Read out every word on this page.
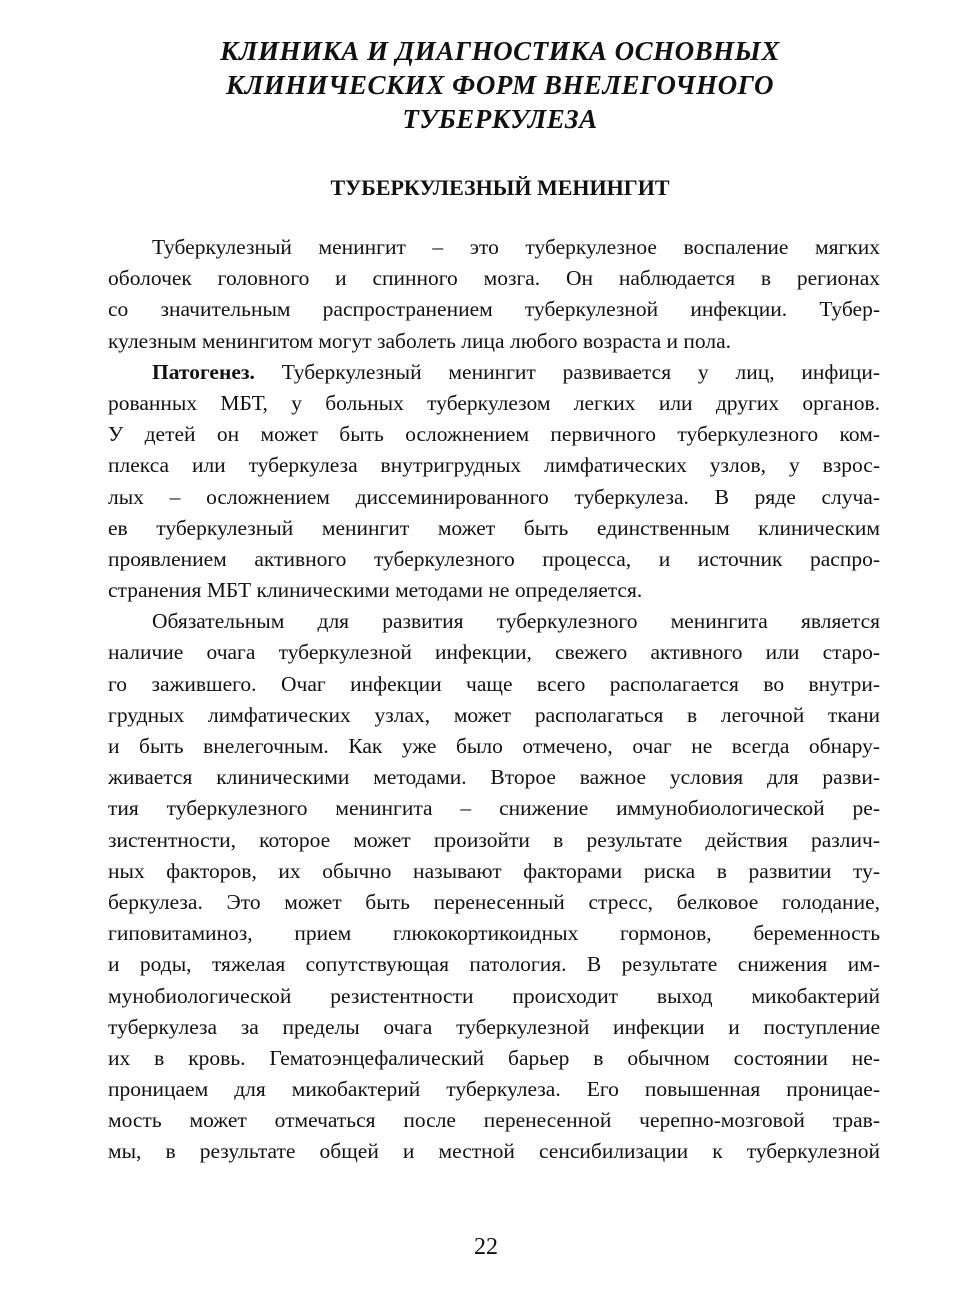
КЛИНИКА И ДИАГНОСТИКА ОСНОВНЫХ
КЛИНИЧЕСКИХ ФОРМ ВНЕЛЕГОЧНОГО
ТУБЕРКУЛЕЗА
ТУБЕРКУЛЕЗНЫЙ МЕНИНГИТ
Туберкулезный менингит – это туберкулезное воспаление мягких
оболочек головного и спинного мозга. Он наблюдается в регионах
со значительным распространением туберкулезной инфекции. Тубер-
кулезным менингитом могут заболеть лица любого возраста и пола.
Патогенез. Туберкулезный менингит развивается у лиц, инфици-
рованных МБТ, у больных туберкулезом легких или других органов.
У детей он может быть осложнением первичного туберкулезного ком-
плекса или туберкулеза внутригрудных лимфатических узлов, у взрос-
лых – осложнением диссеминированного туберкулеза. В ряде случа-
ев туберкулезный менингит может быть единственным клиническим
проявлением активного туберкулезного процесса, и источник распро-
странения МБТ клиническими методами не определяется.
Обязательным для развития туберкулезного менингита является
наличие очага туберкулезной инфекции, свежего активного или старо-
го зажившего. Очаг инфекции чаще всего располагается во внутри-
грудных лимфатических узлах, может располагаться в легочной ткани
и быть внелегочным. Как уже было отмечено, очаг не всегда обнару-
живается клиническими методами. Второе важное условия для разви-
тия туберкулезного менингита – снижение иммунобиологической ре-
зистентности, которое может произойти в результате действия различ-
ных факторов, их обычно называют факторами риска в развитии ту-
беркулеза. Это может быть перенесенный стресс, белковое голодание,
гиповитаминоз, прием глюкокортикоидных гормонов, беременность
и роды, тяжелая сопутствующая патология. В результате снижения им-
мунобиологической резистентности происходит выход микобактерий
туберкулеза за пределы очага туберкулезной инфекции и поступление
их в кровь. Гематоэнцефалический барьер в обычном состоянии не-
проницаем для микобактерий туберкулеза. Его повышенная проницае-
мость может отмечаться после перенесенной черепно-мозговой трав-
мы, в результате общей и местной сенсибилизации к туберкулезной
22
